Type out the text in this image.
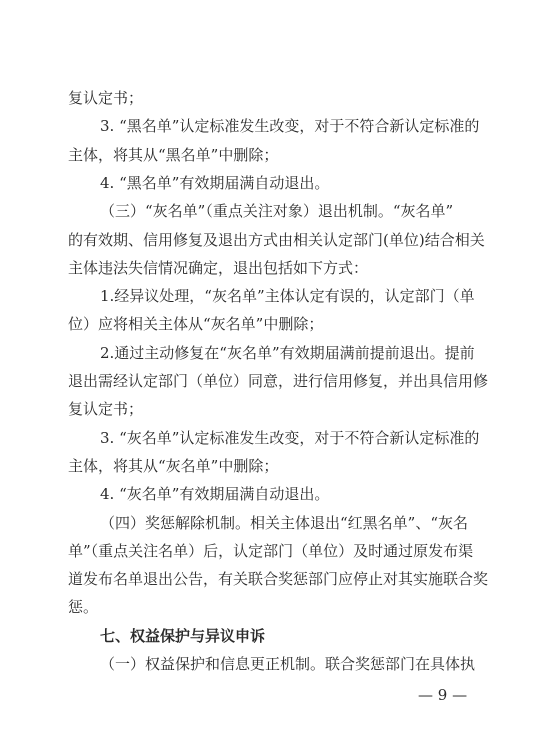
复认定书；
3. “黑名单”认定标准发生改变，对于不符合新认定标准的
主体，将其从“黑名单”中删除；
4. “黑名单”有效期届满自动退出。
（三）“灰名单”（重点关注对象）退出机制。“灰名单”
的有效期、信用修复及退出方式由相关认定部门(单位)结合相关
主体违法失信情况确定，退出包括如下方式：
1.经异议处理，“灰名单”主体认定有误的，认定部门（单
位）应将相关主体从“灰名单”中删除；
2.通过主动修复在“灰名单”有效期届满前提前退出。提前
退出需经认定部门（单位）同意，进行信用修复，并出具信用修
复认定书；
3. “灰名单”认定标准发生改变，对于不符合新认定标准的
主体，将其从“灰名单”中删除；
4. “灰名单”有效期届满自动退出。
（四）奖惩解除机制。相关主体退出“红黑名单”、“灰名
单”（重点关注名单）后，认定部门（单位）及时通过原发布渠
道发布名单退出公告，有关联合奖惩部门应停止对其实施联合奖
惩。
七、权益保护与异议申诉
（一）权益保护和信息更正机制。联合奖惩部门在具体执
— 9 —
